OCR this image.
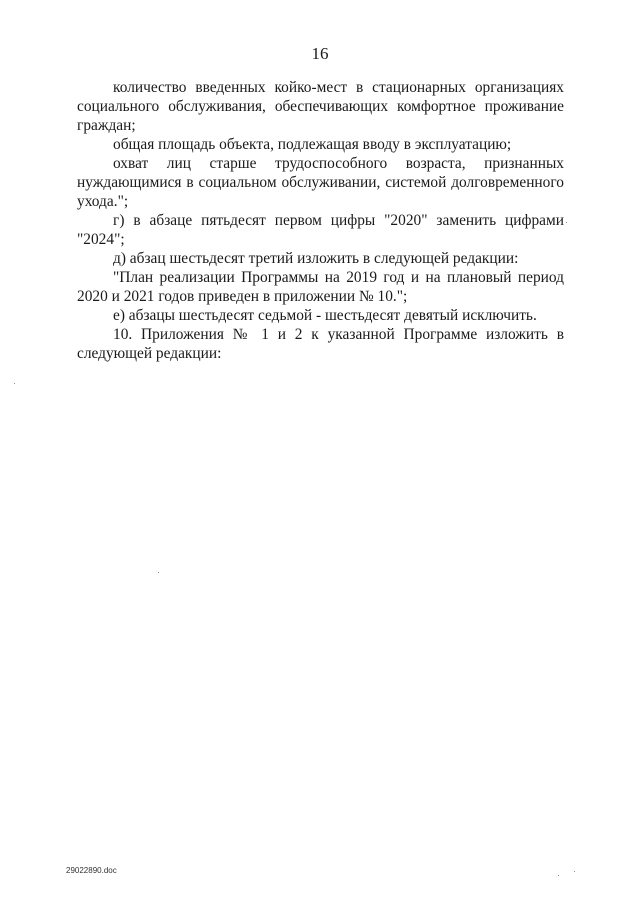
16

количество введенных койко-мест в стационарных организациях социального обслуживания, обеспечивающих комфортное проживание граждан;

общая площадь объекта, подлежащая вводу в эксплуатацию;

охват лиц старше трудоспособного возраста, признанных нуждающимися в социальном обслуживании, системой долговременного ухода.";

г) в абзаце пятьдесят первом цифры "2020" заменить цифрами "2024";

д) абзац шестьдесят третий изложить в следующей редакции:

"План реализации Программы на 2019 год и на плановый период 2020 и 2021 годов приведен в приложении № 10.";

е) абзацы шестьдесят седьмой - шестьдесят девятый исключить.

10. Приложения № 1 и 2 к указанной Программе изложить в следующей редакции:

29022890.doc
